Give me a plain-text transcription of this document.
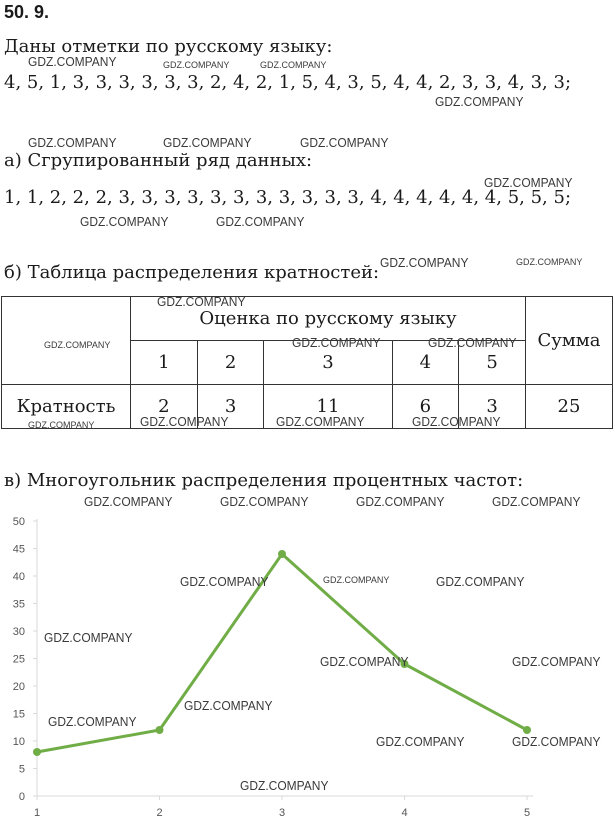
50. 9.
Даны отметки по русскому языку:
4, 5, 1, 3, 3, 3, 3, 3, 3, 2, 4, 2, 1, 5, 4, 3, 5, 4, 4, 2, 3, 3, 4, 3, 3;
а) Сгрупированный ряд данных:
1, 1, 2, 2, 2, 3, 3, 3, 3, 3, 3, 3, 3, 3, 3, 3, 4, 4, 4, 4, 4, 4, 5, 5, 5;
б) Таблица распределения кратностей:
	Оценка по русскому языку					Сумма
	1	2	3	4	5	
Кратность	2	3	11	6	3	25
в) Многоугольник распределения процентных частот:
0
5
10
15
20
25
30
35
40
45
50
1	2	3	4	5
GDZ.COMPANY	GDZ.COMPANY	GDZ.COMPANY
GDZ.COMPANY
GDZ.COMPANY	GDZ.COMPANY	GDZ.COMPANY
GDZ.COMPANY
GDZ.COMPANY	GDZ.COMPANY
GDZ.COMPANY	GDZ.COMPANY
GDZ.COMPANY
GDZ.COMPANY	GDZ.COMPANY	GDZ.COMPANY
GDZ.COMPANY	GDZ.COMPANY	GDZ.COMPANY	GDZ.COMPANY
GDZ.COMPANY	GDZ.COMPANY	GDZ.COMPANY	GDZ.COMPANY
GDZ.COMPANY	GDZ.COMPANY	GDZ.COMPANY
GDZ.COMPANY
GDZ.COMPANY	GDZ.COMPANY
GDZ.COMPANY
GDZ.COMPANY
GDZ.COMPANY	GDZ.COMPANY
GDZ.COMPANY
